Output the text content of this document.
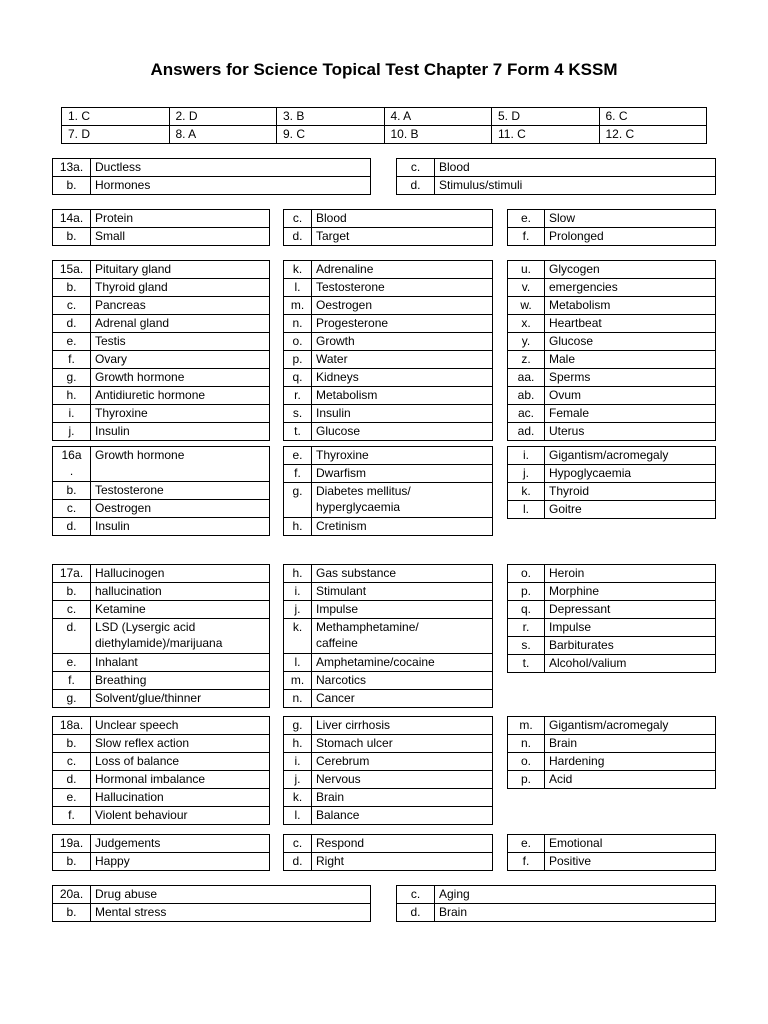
Answers for Science Topical Test Chapter 7 Form 4 KSSM
1. C	2. D	3. B	4. A	5. D	6. C
7. D	8. A	9. C	10. B	11. C	12. C
13a.	Ductless
b.	Hormones
c.	Blood
d.	Stimulus/stimuli
14a.	Protein
b.	Small
c.	Blood
d.	Target
e.	Slow
f.	Prolonged
15a.	Pituitary gland
b.	Thyroid gland
c.	Pancreas
d.	Adrenal gland
e.	Testis
f.	Ovary
g.	Growth hormone
h.	Antidiuretic hormone
i.	Thyroxine
j.	Insulin
k.	Adrenaline
l.	Testosterone
m.	Oestrogen
n.	Progesterone
o.	Growth
p.	Water
q.	Kidneys
r.	Metabolism
s.	Insulin
t.	Glucose
u.	Glycogen
v.	emergencies
w.	Metabolism
x.	Heartbeat
y.	Glucose
z.	Male
aa.	Sperms
ab.	Ovum
ac.	Female
ad.	Uterus
16a
.	Growth hormone
b.	Testosterone
c.	Oestrogen
d.	Insulin
e.	Thyroxine
f.	Dwarfism
g.	Diabetes mellitus/
hyperglycaemia
h.	Cretinism
i.	Gigantism/acromegaly
j.	Hypoglycaemia
k.	Thyroid
l.	Goitre
17a.	Hallucinogen
b.	hallucination
c.	Ketamine
d.	LSD (Lysergic acid
diethylamide)/marijuana
e.	Inhalant
f.	Breathing
g.	Solvent/glue/thinner
h.	Gas substance
i.	Stimulant
j.	Impulse
k.	Methamphetamine/
caffeine
l.	Amphetamine/cocaine
m.	Narcotics
n.	Cancer
o.	Heroin
p.	Morphine
q.	Depressant
r.	Impulse
s.	Barbiturates
t.	Alcohol/valium
18a.	Unclear speech
b.	Slow reflex action
c.	Loss of balance
d.	Hormonal imbalance
e.	Hallucination
f.	Violent behaviour
g.	Liver cirrhosis
h.	Stomach ulcer
i.	Cerebrum
j.	Nervous
k.	Brain
l.	Balance
m.	Gigantism/acromegaly
n.	Brain
o.	Hardening
p.	Acid
19a.	Judgements
b.	Happy
c.	Respond
d.	Right
e.	Emotional
f.	Positive
20a.	Drug abuse
b.	Mental stress
c.	Aging
d.	Brain
